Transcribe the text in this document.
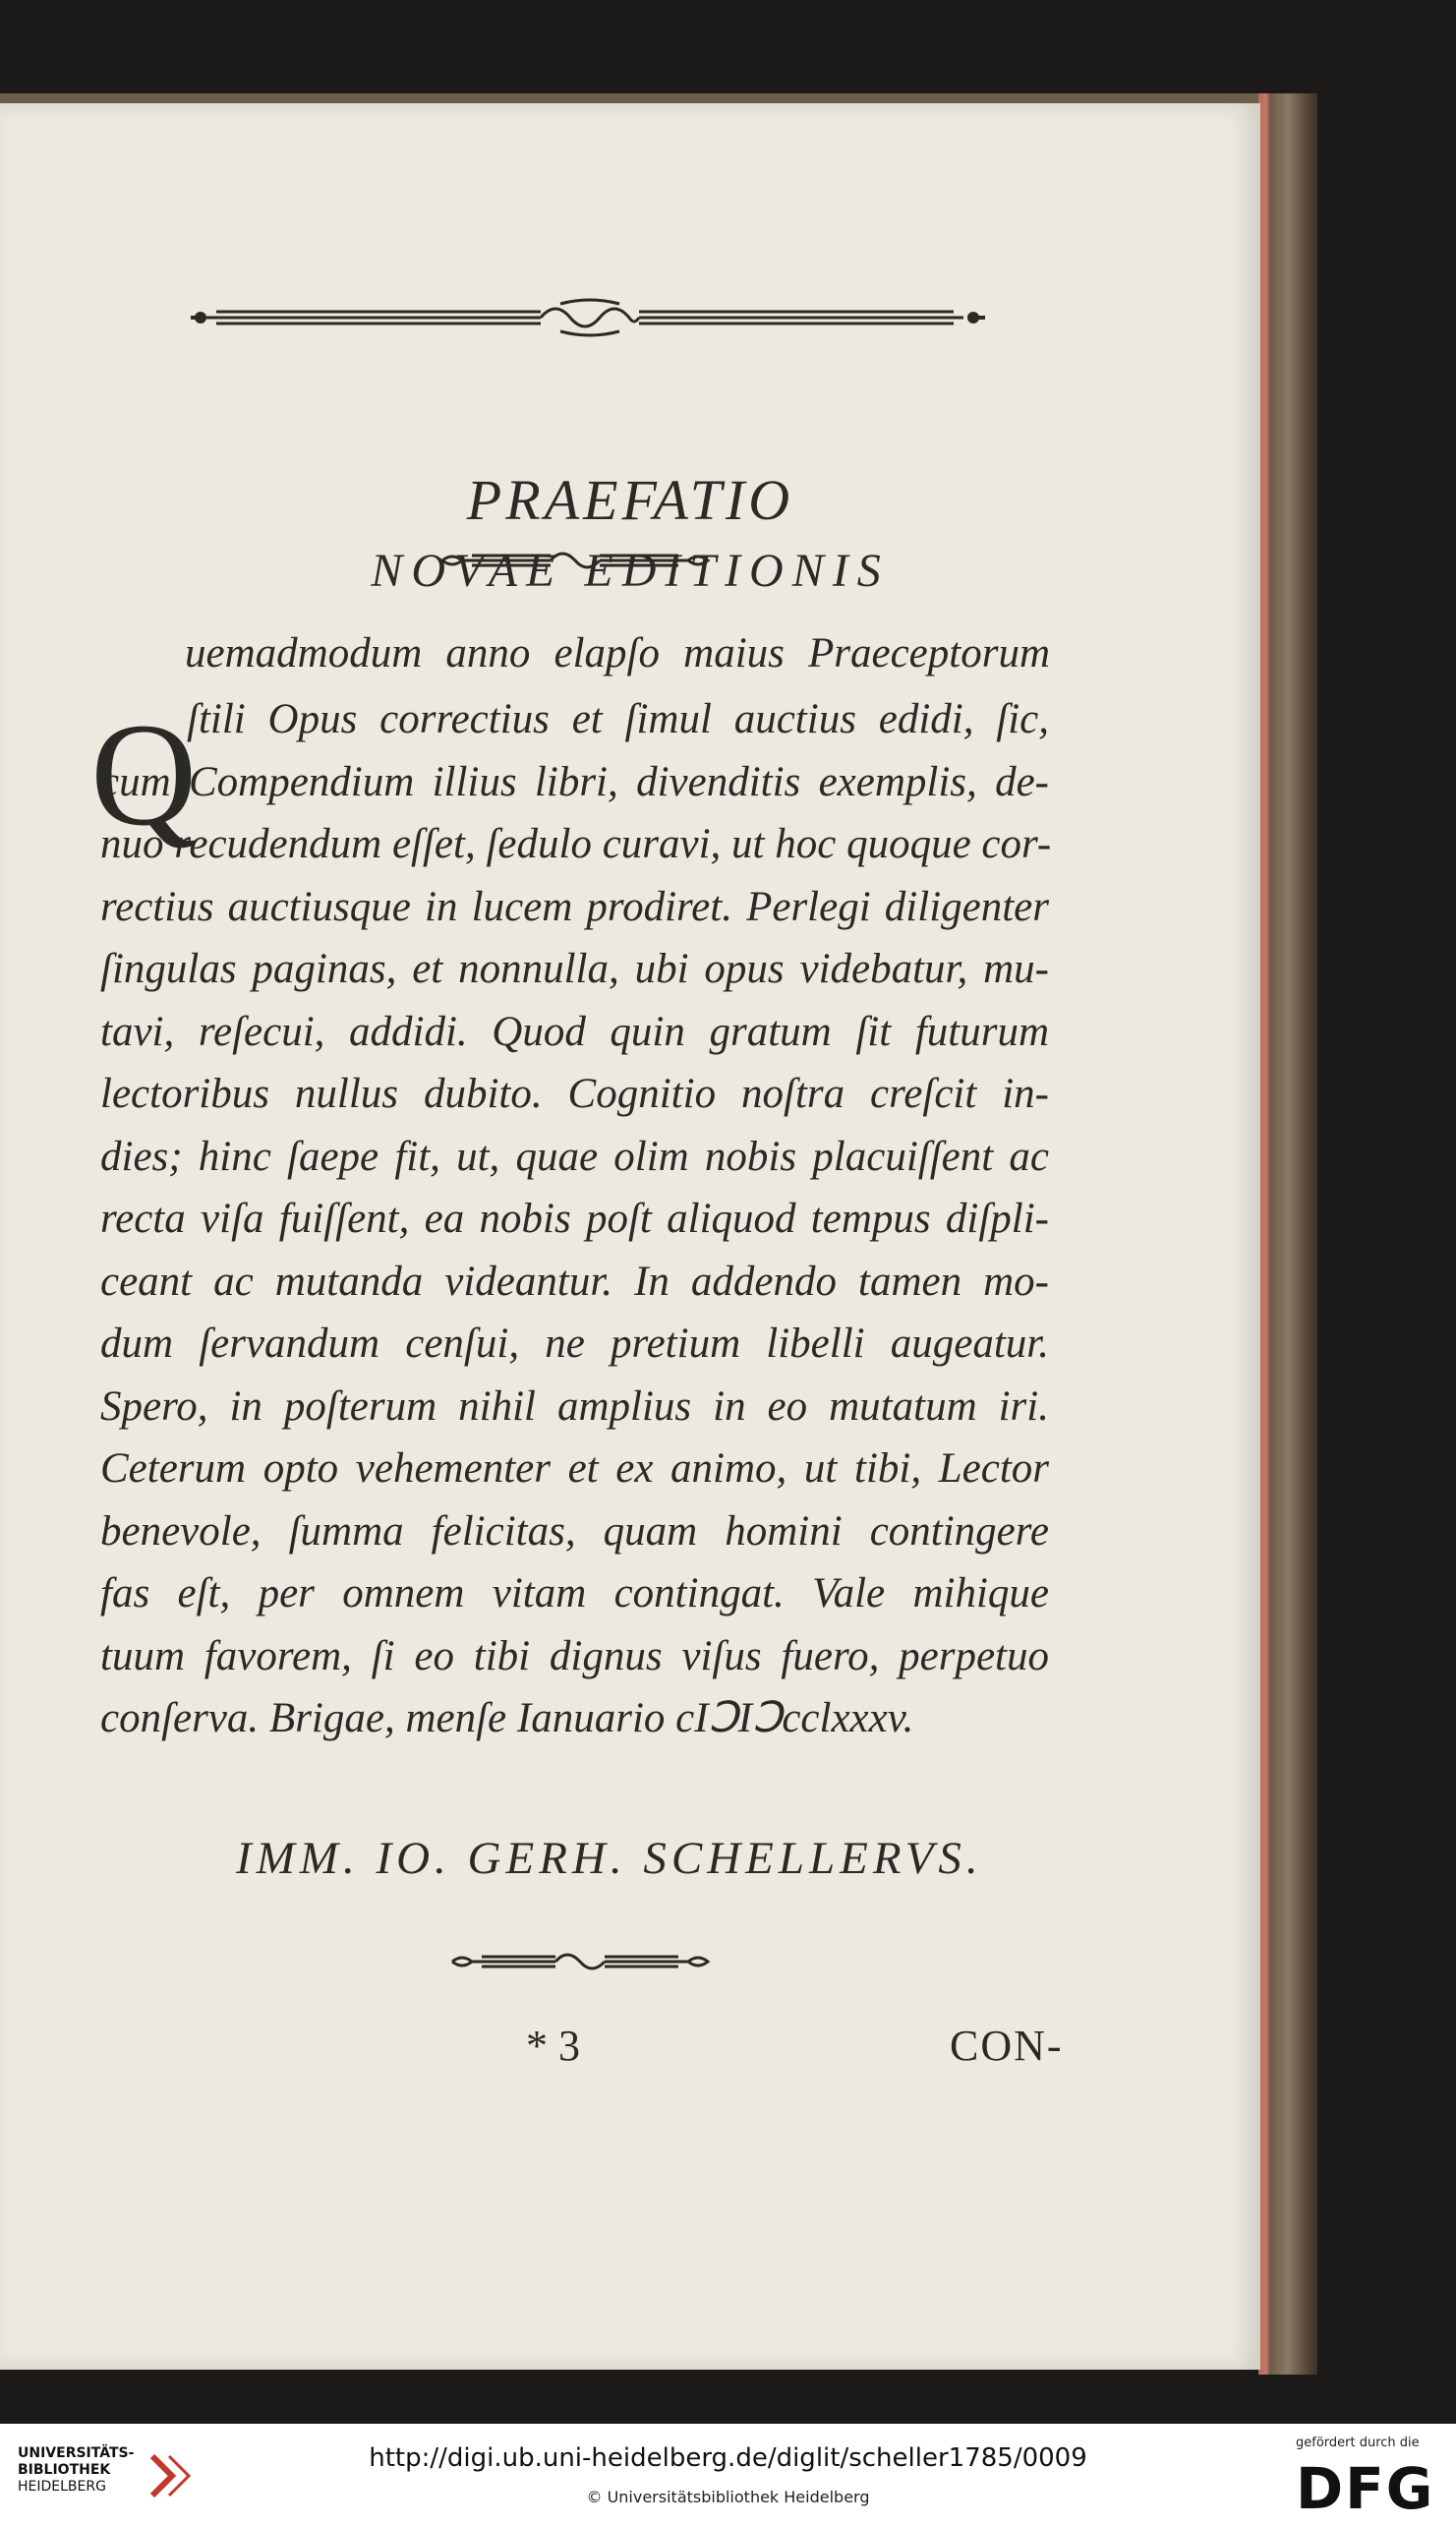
PRAEFATIO
NOVAE EDITIONIS
Q
uemadmodum anno elapſo maius Praeceptorum
ſtili Opus correctius et ſimul auctius edidi, ſic,
cum Compendium illius libri, divenditis exemplis, de-
nuo recudendum eſſet, ſedulo curavi, ut hoc quoque cor-
rectius auctiusque in lucem prodiret. Perlegi diligenter
ſingulas paginas, et nonnulla, ubi opus videbatur, mu-
tavi, reſecui, addidi. Quod quin gratum ſit futurum
lectoribus nullus dubito. Cognitio noſtra creſcit in-
dies; hinc ſaepe fit, ut, quae olim nobis placuiſſent ac
recta viſa fuiſſent, ea nobis poſt aliquod tempus diſpli-
ceant ac mutanda videantur. In addendo tamen mo-
dum ſervandum cenſui, ne pretium libelli augeatur.
Spero, in poſterum nihil amplius in eo mutatum iri.
Ceterum opto vehementer et ex animo, ut tibi, Lector
benevole, ſumma felicitas, quam homini contingere
fas eſt, per omnem vitam contingat. Vale mihique
tuum favorem, ſi eo tibi dignus viſus fuero, perpetuo
conſerva. Brigae, menſe Ianuario cIↃIↃcclxxxv.
IMM. IO. GERH. SCHELLERVS.
* 3	CON-
UNIVERSITÄTS-
BIBLIOTHEK
HEIDELBERG
http://digi.ub.uni-heidelberg.de/diglit/scheller1785/0009
© Universitätsbibliothek Heidelberg
gefördert durch die
DFG
